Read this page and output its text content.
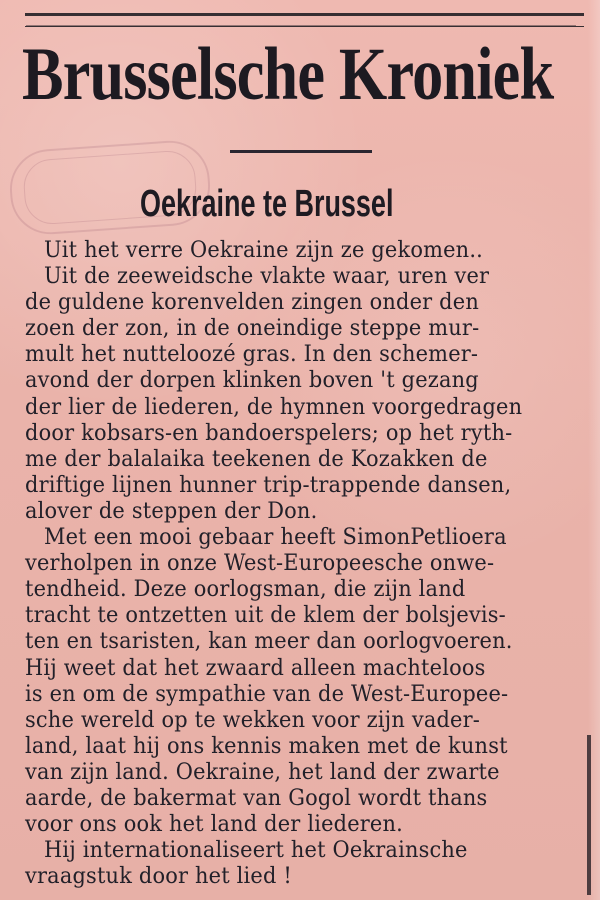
Brusselsche Kroniek
Oekraine te Brussel
Uit het verre Oekraine zijn ze gekomen..
Uit de zeeweidsche vlakte waar, uren ver
de guldene korenvelden zingen onder den
zoen der zon, in de oneindige steppe mur-
mult het nutteloozé gras. In den schemer-
avond der dorpen klinken boven 't gezang
der lier de liederen, de hymnen voorgedragen
door kobsars-en bandoerspelers; op het ryth-
me der balalaika teekenen de Kozakken de
driftige lijnen hunner trip-trappende dansen,
alover de steppen der Don.
Met een mooi gebaar heeft SimonPetlioera
verholpen in onze West-Europeesche onwe-
tendheid. Deze oorlogsman, die zijn land
tracht te ontzetten uit de klem der bolsjevis-
ten en tsaristen, kan meer dan oorlogvoeren.
Hij weet dat het zwaard alleen machteloos
is en om de sympathie van de West-Europee-
sche wereld op te wekken voor zijn vader-
land, laat hij ons kennis maken met de kunst
van zijn land. Oekraine, het land der zwarte
aarde, de bakermat van Gogol wordt thans
voor ons ook het land der liederen.
Hij internationaliseert het Oekrainsche
vraagstuk door het lied !
